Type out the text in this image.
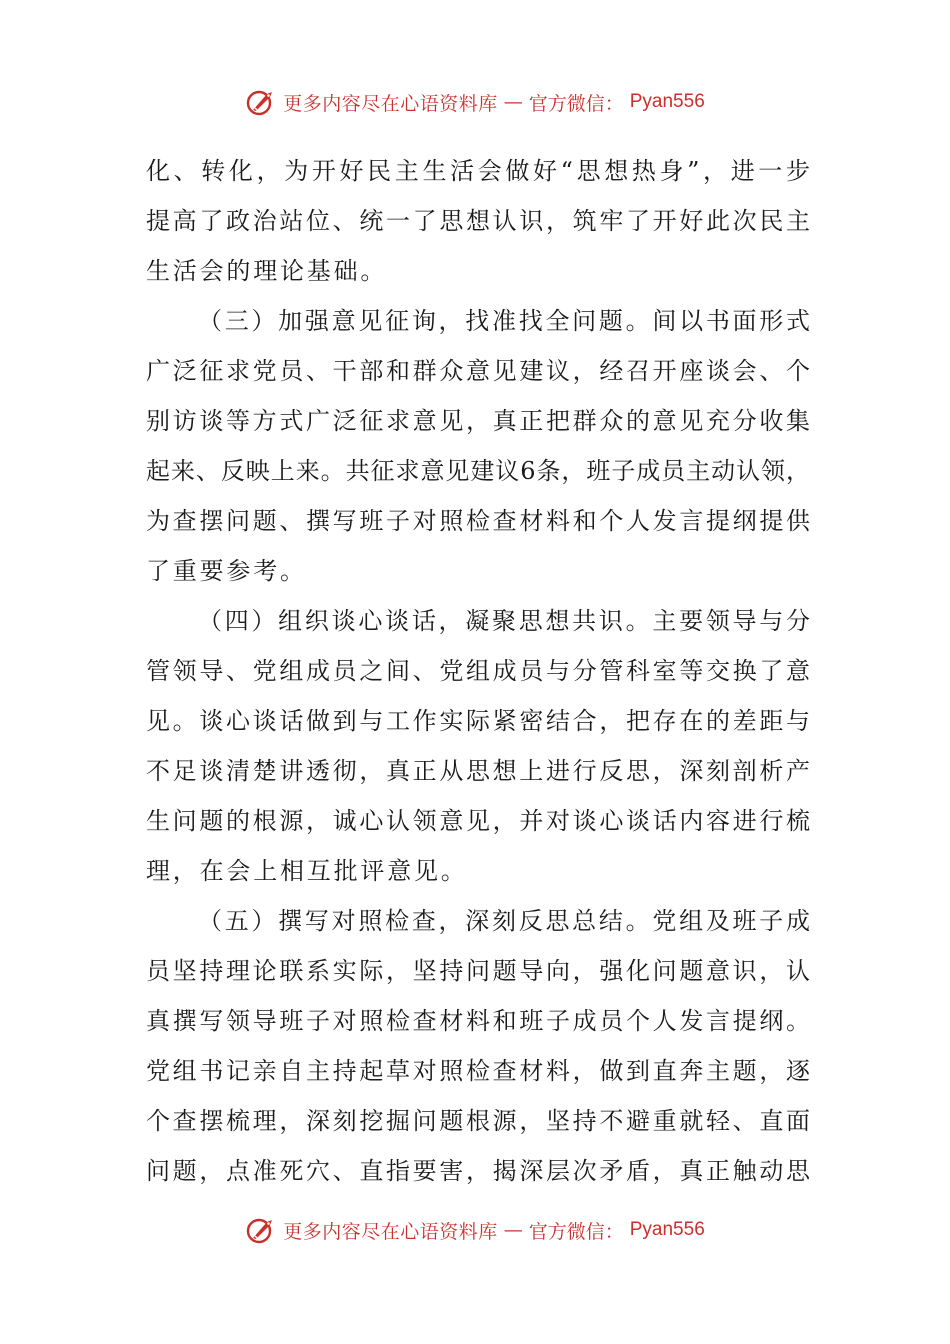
更多内容尽在心语资料库 — 官方微信： Pyan556
化、转化，为开好民主生活会做好“思想热身”，进一步
提高了政治站位、统一了思想认识，筑牢了开好此次民主
生活会的理论基础。
（三）加强意见征询，找准找全问题。间以书面形式
广泛征求党员、干部和群众意见建议，经召开座谈会、个
别访谈等方式广泛征求意见，真正把群众的意见充分收集
起来、反映上来。共征求意见建议6条，班子成员主动认领，
为查摆问题、撰写班子对照检查材料和个人发言提纲提供
了重要参考。
（四）组织谈心谈话，凝聚思想共识。主要领导与分
管领导、党组成员之间、党组成员与分管科室等交换了意
见。谈心谈话做到与工作实际紧密结合，把存在的差距与
不足谈清楚讲透彻，真正从思想上进行反思，深刻剖析产
生问题的根源，诚心认领意见，并对谈心谈话内容进行梳
理，在会上相互批评意见。
（五）撰写对照检查，深刻反思总结。党组及班子成
员坚持理论联系实际，坚持问题导向，强化问题意识，认
真撰写领导班子对照检查材料和班子成员个人发言提纲。
党组书记亲自主持起草对照检查材料，做到直奔主题，逐
个查摆梳理，深刻挖掘问题根源，坚持不避重就轻、直面
问题，点准死穴、直指要害，揭深层次矛盾，真正触动思
更多内容尽在心语资料库 — 官方微信： Pyan556
